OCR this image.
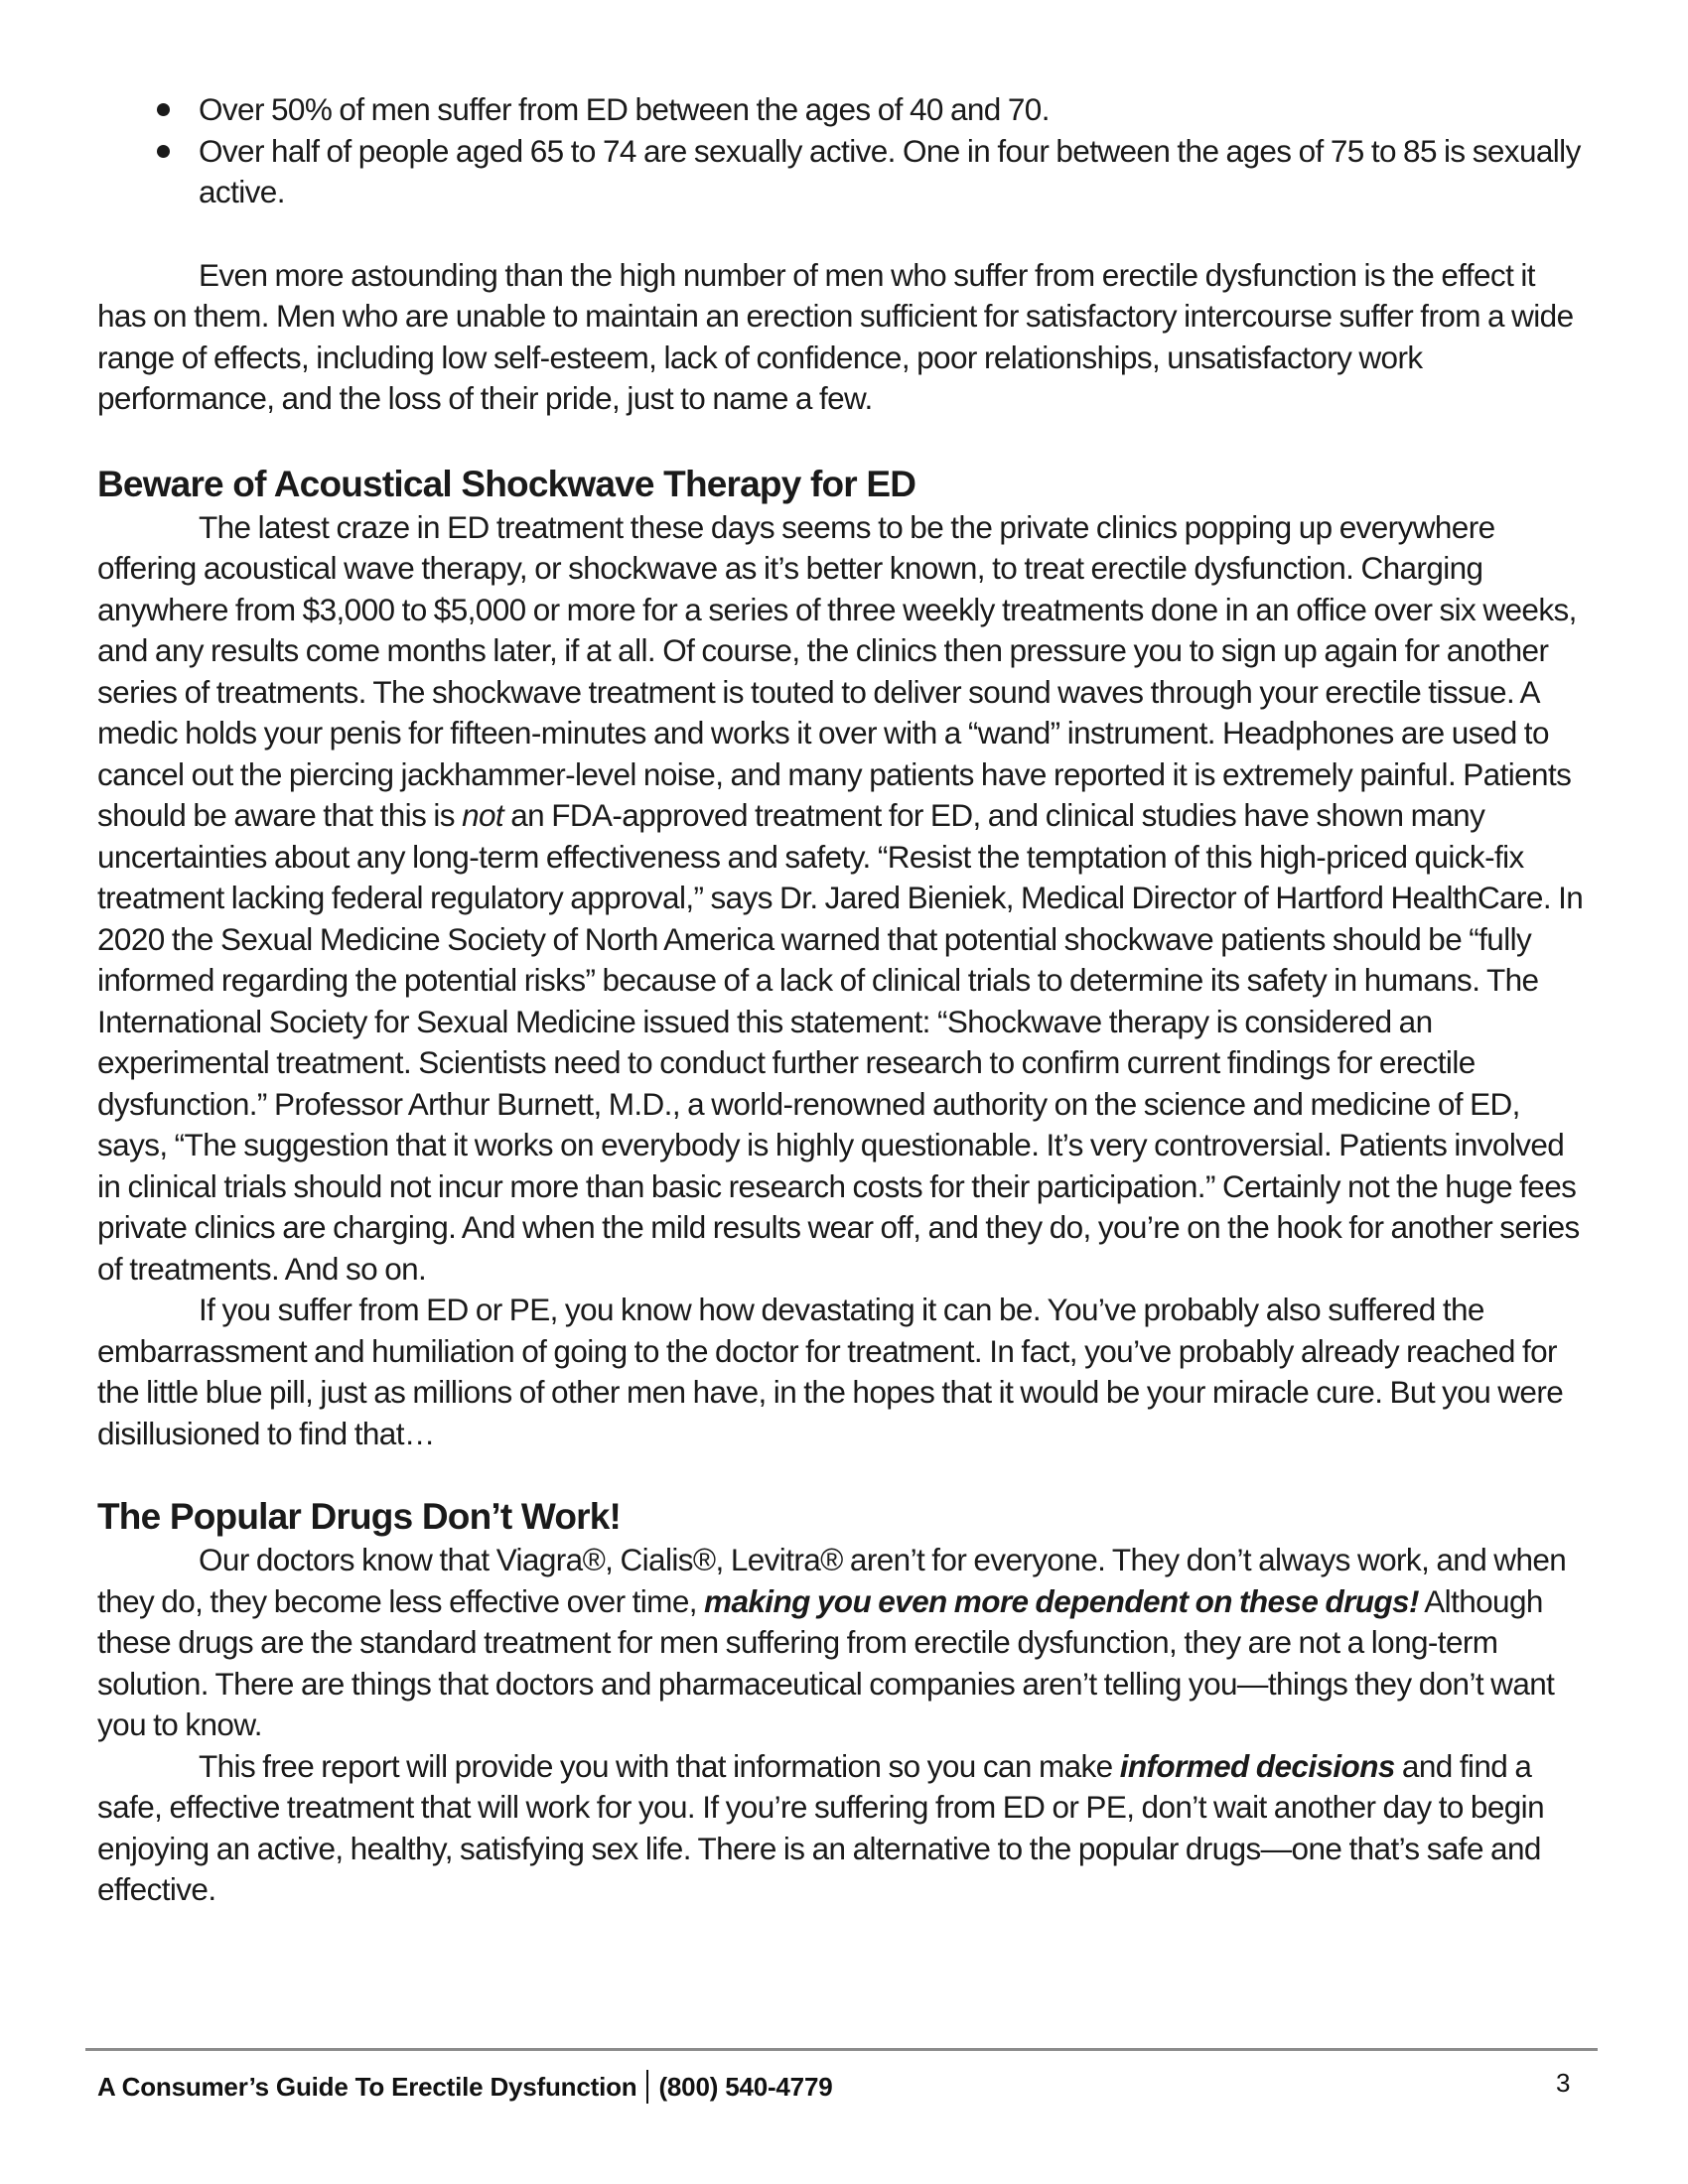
Over 50% of men suffer from ED between the ages of 40 and 70.
Over half of people aged 65 to 74 are sexually active. One in four between the ages of 75 to 85 is sexually active.

Even more astounding than the high number of men who suffer from erectile dysfunction is the effect it has on them. Men who are unable to maintain an erection sufficient for satisfactory intercourse suffer from a wide range of effects, including low self-esteem, lack of confidence, poor relationships, unsatisfactory work performance, and the loss of their pride, just to name a few.

Beware of Acoustical Shockwave Therapy for ED

The latest craze in ED treatment these days seems to be the private clinics popping up everywhere offering acoustical wave therapy, or shockwave as it’s better known, to treat erectile dysfunction. Charging anywhere from $3,000 to $5,000 or more for a series of three weekly treatments done in an office over six weeks, and any results come months later, if at all. Of course, the clinics then pressure you to sign up again for another series of treatments. The shockwave treatment is touted to deliver sound waves through your erectile tissue. A medic holds your penis for fifteen-minutes and works it over with a “wand” instrument. Headphones are used to cancel out the piercing jackhammer-level noise, and many patients have reported it is extremely painful. Patients should be aware that this is not an FDA-approved treatment for ED, and clinical studies have shown many uncertainties about any long-term effectiveness and safety. “Resist the temptation of this high-priced quick-fix treatment lacking federal regulatory approval,” says Dr. Jared Bieniek, Medical Director of Hartford HealthCare. In 2020 the Sexual Medicine Society of North America warned that potential shockwave patients should be “fully informed regarding the potential risks” because of a lack of clinical trials to determine its safety in humans. The International Society for Sexual Medicine issued this statement: “Shockwave therapy is considered an experimental treatment. Scientists need to conduct further research to confirm current findings for erectile dysfunction.” Professor Arthur Burnett, M.D., a world-renowned authority on the science and medicine of ED, says, “The suggestion that it works on everybody is highly questionable. It’s very controversial. Patients involved in clinical trials should not incur more than basic research costs for their participation.” Certainly not the huge fees private clinics are charging. And when the mild results wear off, and they do, you’re on the hook for another series of treatments. And so on.

If you suffer from ED or PE, you know how devastating it can be. You’ve probably also suffered the embarrassment and humiliation of going to the doctor for treatment. In fact, you’ve probably already reached for the little blue pill, just as millions of other men have, in the hopes that it would be your miracle cure. But you were disillusioned to find that…

The Popular Drugs Don’t Work!

Our doctors know that Viagra®, Cialis®, Levitra® aren’t for everyone. They don’t always work, and when they do, they become less effective over time, making you even more dependent on these drugs! Although these drugs are the standard treatment for men suffering from erectile dysfunction, they are not a long-term solution. There are things that doctors and pharmaceutical companies aren’t telling you—things they don’t want you to know.

This free report will provide you with that information so you can make informed decisions and find a safe, effective treatment that will work for you. If you’re suffering from ED or PE, don’t wait another day to begin enjoying an active, healthy, satisfying sex life. There is an alternative to the popular drugs—one that’s safe and effective.

A Consumer’s Guide To Erectile Dysfunction (800) 540-4779	3
